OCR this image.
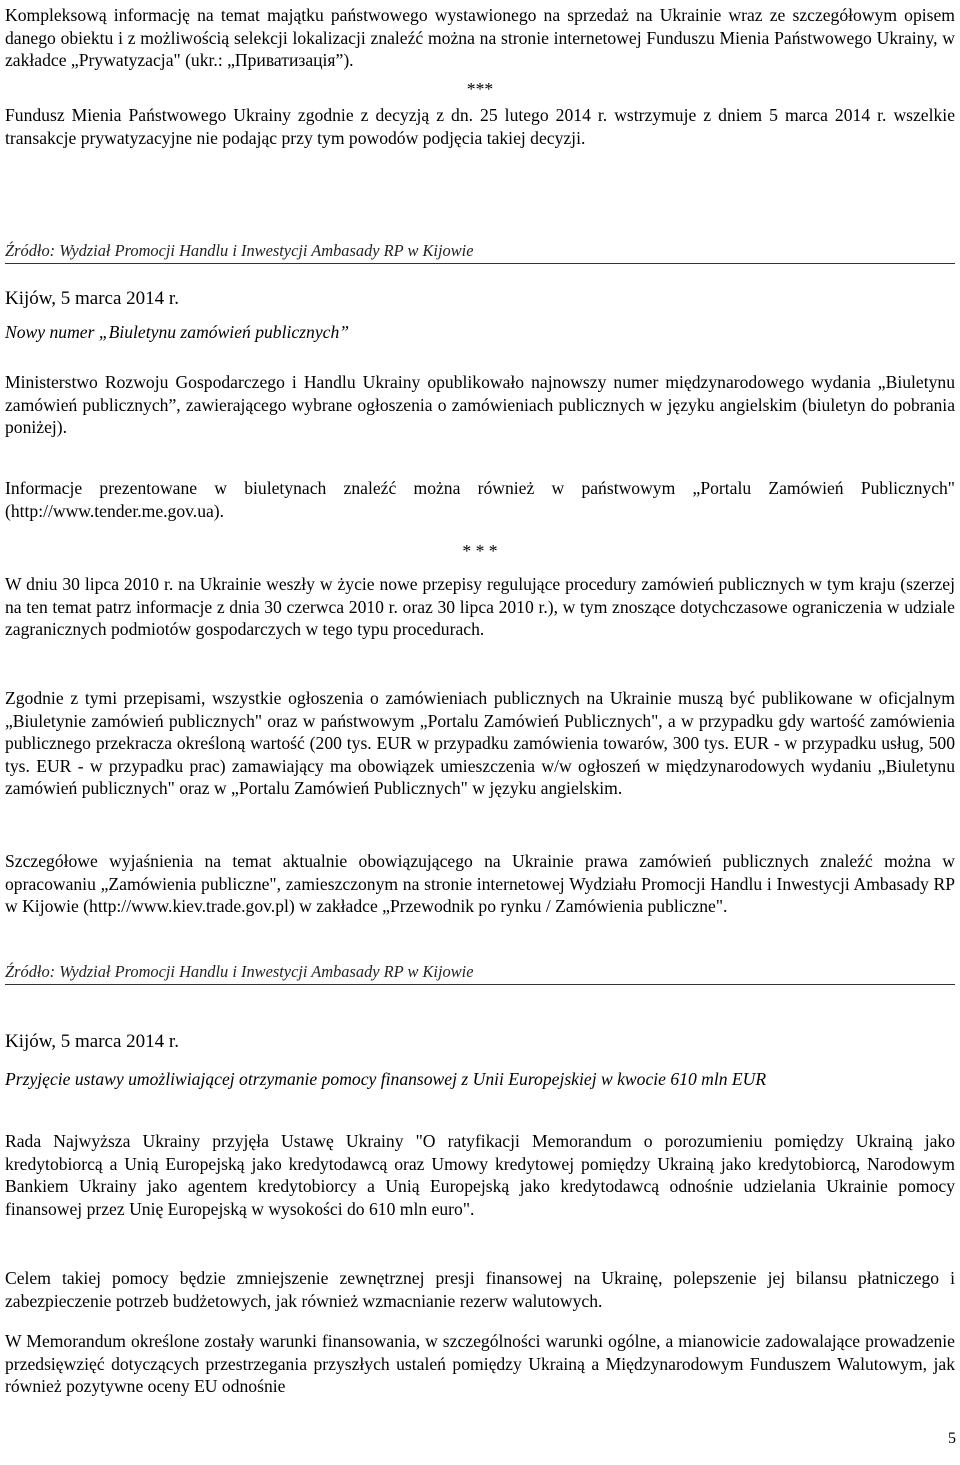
Kompleksową informację na temat majątku państwowego wystawionego na sprzedaż na Ukrainie wraz ze szczegółowym opisem danego obiektu i z możliwością selekcji lokalizacji znaleźć można na stronie internetowej Funduszu Mienia Państwowego Ukrainy, w zakładce „Prywatyzacja" (ukr.: „Приватизація”).

***

Fundusz Mienia Państwowego Ukrainy zgodnie z decyzją z dn. 25 lutego 2014 r. wstrzymuje z dniem 5 marca 2014 r. wszelkie transakcje prywatyzacyjne nie podając przy tym powodów podjęcia takiej decyzji.

Źródło: Wydział Promocji Handlu i Inwestycji Ambasady RP w Kijowie

Kijów, 5 marca 2014 r.

Nowy numer „Biuletynu zamówień publicznych”

Ministerstwo Rozwoju Gospodarczego i Handlu Ukrainy opublikowało najnowszy numer międzynarodowego wydania „Biuletynu zamówień publicznych”, zawierającego wybrane ogłoszenia o zamówieniach publicznych w języku angielskim (biuletyn do pobrania poniżej).

Informacje prezentowane w biuletynach znaleźć można również w państwowym „Portalu Zamówień Publicznych" (http://www.tender.me.gov.ua).

* * *

W dniu 30 lipca 2010 r. na Ukrainie weszły w życie nowe przepisy regulujące procedury zamówień publicznych w tym kraju (szerzej na ten temat patrz informacje z dnia 30 czerwca 2010 r. oraz 30 lipca 2010 r.), w tym znoszące dotychczasowe ograniczenia w udziale zagranicznych podmiotów gospodarczych w tego typu procedurach.

Zgodnie z tymi przepisami, wszystkie ogłoszenia o zamówieniach publicznych na Ukrainie muszą być publikowane w oficjalnym „Biuletynie zamówień publicznych" oraz w państwowym „Portalu Zamówień Publicznych", a w przypadku gdy wartość zamówienia publicznego przekracza określoną wartość (200 tys. EUR w przypadku zamówienia towarów, 300 tys. EUR - w przypadku usług, 500 tys. EUR - w przypadku prac) zamawiający ma obowiązek umieszczenia w/w ogłoszeń w międzynarodowych wydaniu „Biuletynu zamówień publicznych" oraz w „Portalu Zamówień Publicznych" w języku angielskim.

Szczegółowe wyjaśnienia na temat aktualnie obowiązującego na Ukrainie prawa zamówień publicznych znaleźć można w opracowaniu „Zamówienia publiczne", zamieszczonym na stronie internetowej Wydziału Promocji Handlu i Inwestycji Ambasady RP w Kijowie (http://www.kiev.trade.gov.pl) w zakładce „Przewodnik po rynku / Zamówienia publiczne".

Źródło: Wydział Promocji Handlu i Inwestycji Ambasady RP w Kijowie

Kijów, 5 marca 2014 r.

Przyjęcie ustawy umożliwiającej otrzymanie pomocy finansowej z Unii Europejskiej w kwocie 610 mln EUR

Rada Najwyższa Ukrainy przyjęła Ustawę Ukrainy "O ratyfikacji Memorandum o porozumieniu pomiędzy Ukrainą jako kredytobiorcą a Unią Europejską jako kredytodawcą oraz Umowy kredytowej pomiędzy Ukrainą jako kredytobiorcą, Narodowym Bankiem Ukrainy jako agentem kredytobiorcy a Unią Europejską jako kredytodawcą odnośnie udzielania Ukrainie pomocy finansowej przez Unię Europejską w wysokości do 610 mln euro".

Celem takiej pomocy będzie zmniejszenie zewnętrznej presji finansowej na Ukrainę, polepszenie jej bilansu płatniczego i zabezpieczenie potrzeb budżetowych, jak również wzmacnianie rezerw walutowych.

W Memorandum określone zostały warunki finansowania, w szczególności warunki ogólne, a mianowicie zadowalające prowadzenie przedsięwzięć dotyczących przestrzegania przyszłych ustaleń pomiędzy Ukrainą a Międzynarodowym Funduszem Walutowym, jak również pozytywne oceny EU odnośnie

5
